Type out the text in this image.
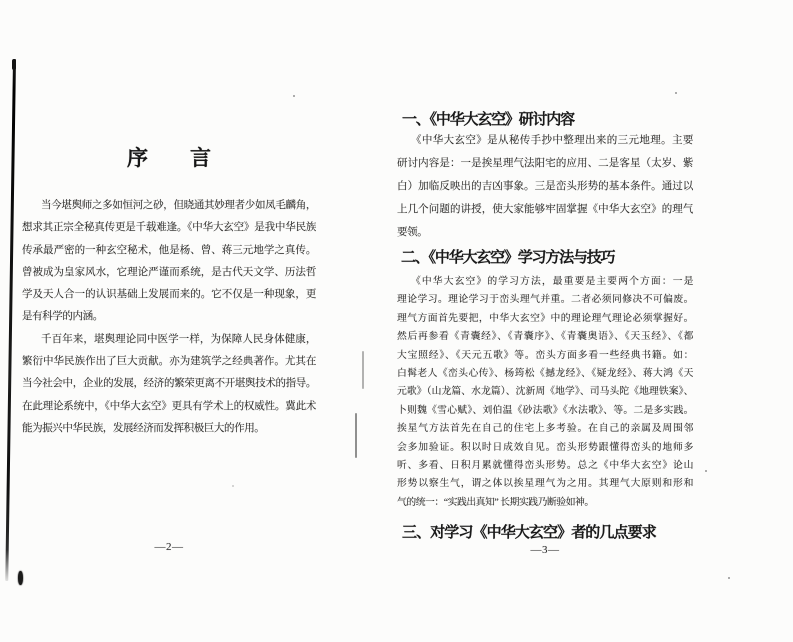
序　　言
当今堪舆师之多如恒河之砂，但晓通其妙理者少如凤毛麟角，
想求其正宗全秘真传更是千载难逢。《中华大玄空》是我中华民族
传承最严密的一种玄空秘术，他是杨、曾、蒋三元地学之真传。
曾被成为皇家风水，它理论严谨而系统，是古代天文学、历法哲
学及天人合一的认识基础上发展而来的。它不仅是一种现象，更
是有科学的内涵。
千百年来，堪舆理论同中医学一样，为保障人民身体健康，
繁衍中华民族作出了巨大贡献。亦为建筑学之经典著作。尤其在
当今社会中，企业的发展，经济的繁荣更离不开堪舆技术的指导。
在此理论系统中，《中华大玄空》更具有学术上的权威性。冀此术
能为振兴中华民族，发展经济而发挥积极巨大的作用。
—2—
一、《中华大玄空》研讨内容
《中华大玄空》是从秘传手抄中整理出来的三元地理。主要
研讨内容是：一是挨星理气法阳宅的应用、二是客星（太岁、紫
白）加临反映出的吉凶事象。三是峦头形势的基本条件。通过以
上几个问题的讲授，使大家能够牢固掌握《中华大玄空》的理气
要领。
二、《中华大玄空》学习方法与技巧
《中华大玄空》的学习方法，最重要是主要两个方面：一是
理论学习。理论学习于峦头理气并重。二者必须同修决不可偏废。
理气方面首先要把，中华大玄空》中的理论理气理论必须掌握好。
然后再参看《青囊经》、《青囊序》、《青囊奥语》、《天玉经》、《都
大宝照经》、《天元五歌》等。峦头方面多看一些经典书籍。如：
白髯老人《峦头心传》、杨筠松《撼龙经》、《疑龙经》、蒋大鸿《天
元歌》（山龙篇、水龙篇）、沈新周《地学》、司马头陀《地理铁案》、
卜则魏《雪心赋》、刘伯温《砂法歌》《水法歌》、等。二是多实践。
挨星气方法首先在自己的住宅上多考验。在自己的亲属及周围邻
会多加验证。积以时日成效自见。峦头形势跟懂得峦头的地师多
听、多看、日积月累就懂得峦头形势。总之《中华大玄空》论山
形势以察生气，谓之体以挨星理气为之用。其理气大原则和形和
气的统一：“实践出真知” 长期实践乃断验如神。
三、对学习《中华大玄空》者的几点要求
—3—
